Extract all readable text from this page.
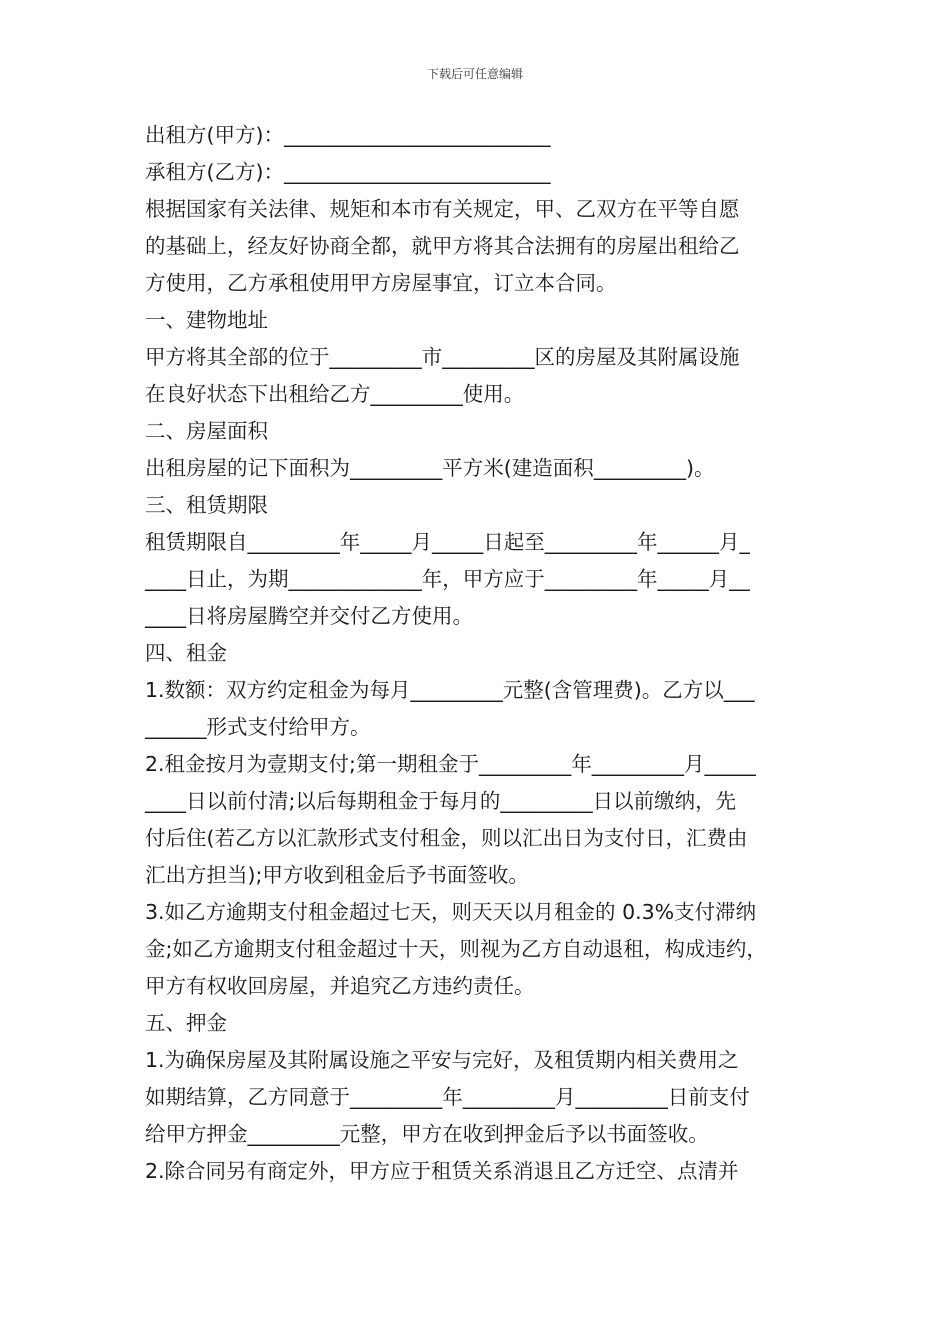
下载后可任意编辑
出租方(甲方)：__________________________
承租方(乙方)：__________________________
根据国家有关法律、规矩和本市有关规定，甲、乙双方在平等自愿
的基础上，经友好协商全都，就甲方将其合法拥有的房屋出租给乙
方使用，乙方承租使用甲方房屋事宜，订立本合同。
一、建物地址
甲方将其全部的位于_________市_________区的房屋及其附属设施
在良好状态下出租给乙方_________使用。
二、房屋面积
出租房屋的记下面积为_________平方米(建造面积_________)。
三、租赁期限
租赁期限自_________年_____月_____日起至_________年______月_
____日止，为期_____________年，甲方应于_________年_____月__
____日将房屋腾空并交付乙方使用。
四、租金
1.数额：双方约定租金为每月_________元整(含管理费)。乙方以___
______形式支付给甲方。
2.租金按月为壹期支付;第一期租金于_________年_________月_____
____日以前付清;以后每期租金于每月的_________日以前缴纳，先
付后住(若乙方以汇款形式支付租金，则以汇出日为支付日，汇费由
汇出方担当);甲方收到租金后予书面签收。
3.如乙方逾期支付租金超过七天，则天天以月租金的 0.3%支付滞纳
金;如乙方逾期支付租金超过十天，则视为乙方自动退租，构成违约，
甲方有权收回房屋，并追究乙方违约责任。
五、押金
1.为确保房屋及其附属设施之平安与完好，及租赁期内相关费用之
如期结算，乙方同意于_________年_________月_________日前支付
给甲方押金_________元整，甲方在收到押金后予以书面签收。
2.除合同另有商定外，甲方应于租赁关系消退且乙方迁空、点清并
